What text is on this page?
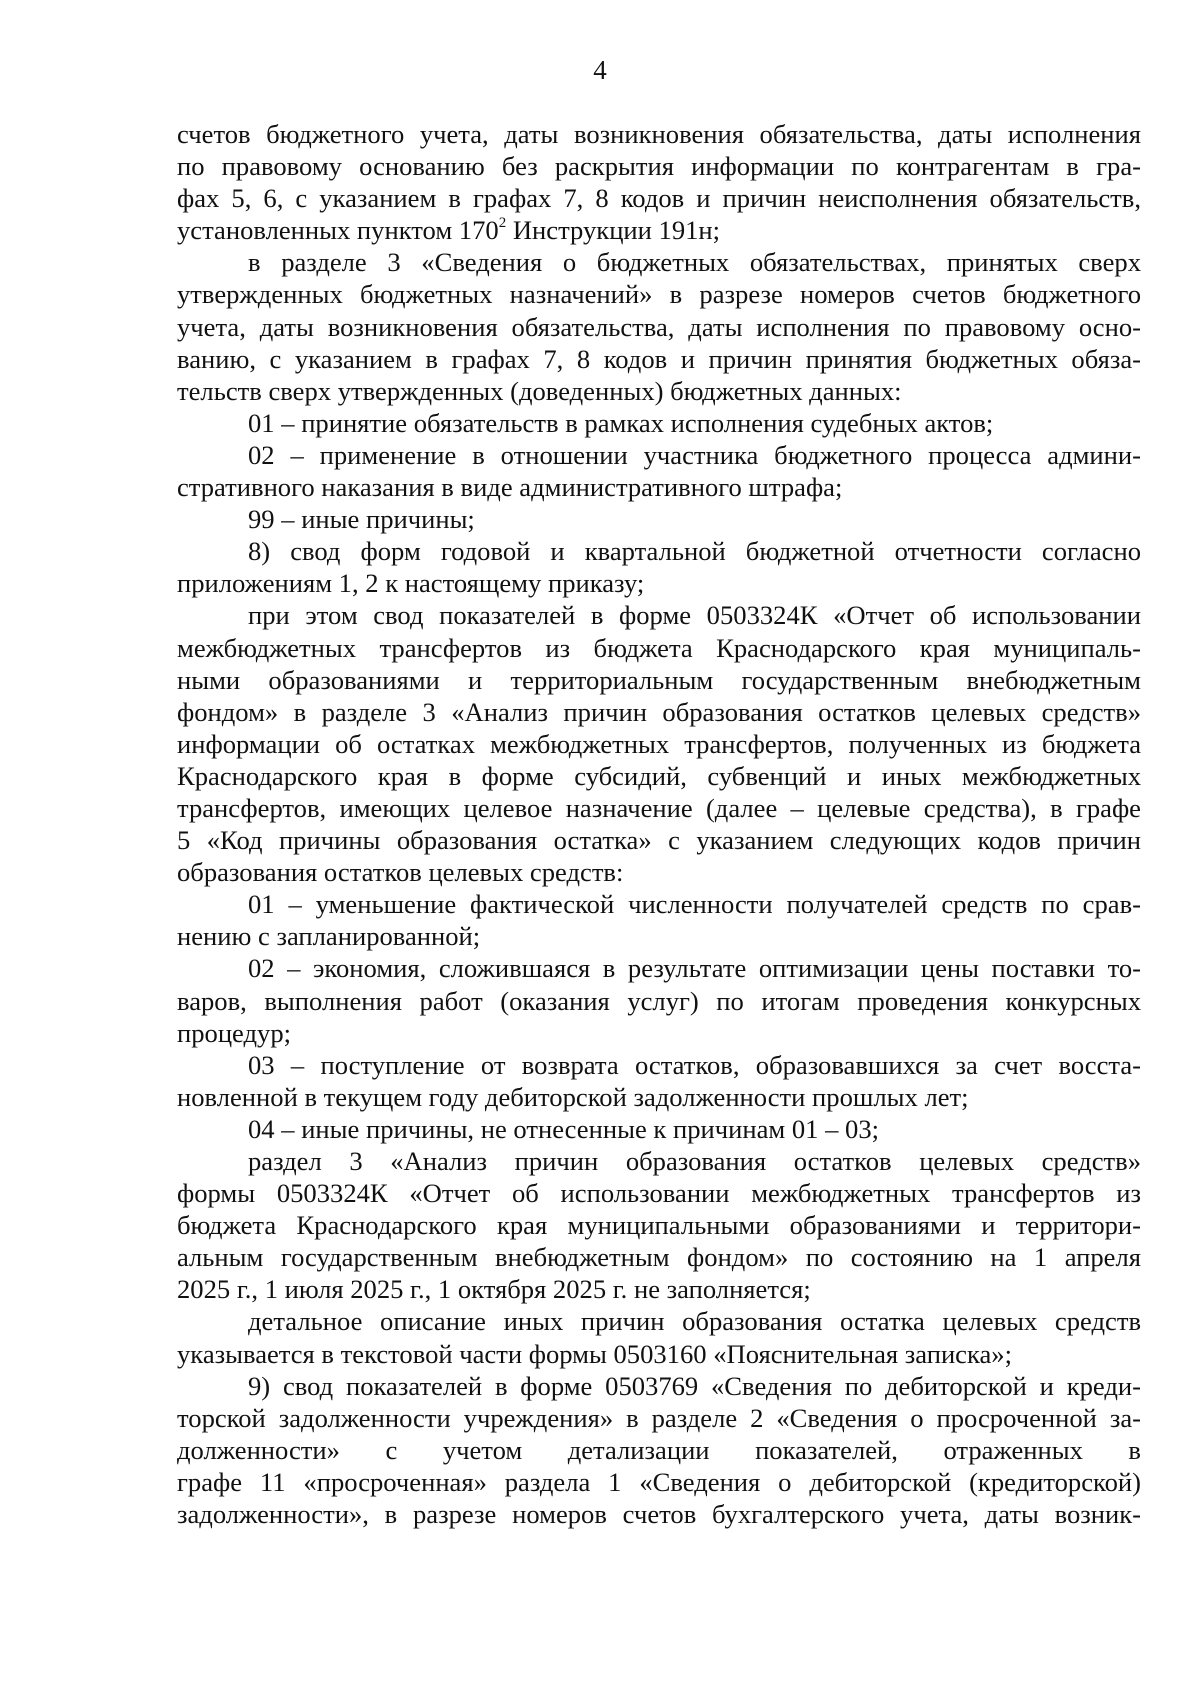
4
счетов бюджетного учета, даты возникновения обязательства, даты исполнения
по правовому основанию без раскрытия информации по контрагентам в гра-
фах 5, 6, с указанием в графах 7, 8 кодов и причин неисполнения обязательств,
установленных пунктом $170^2$ Инструкции 191н;
в разделе 3 «Сведения о бюджетных обязательствах, принятых сверх
утвержденных бюджетных назначений» в разрезе номеров счетов бюджетного
учета, даты возникновения обязательства, даты исполнения по правовому осно-
ванию, с указанием в графах 7, 8 кодов и причин принятия бюджетных обяза-
тельств сверх утвержденных (доведенных) бюджетных данных:
01 – принятие обязательств в рамках исполнения судебных актов;
02 – применение в отношении участника бюджетного процесса админи-
стративного наказания в виде административного штрафа;
99 – иные причины;
8) свод форм годовой и квартальной бюджетной отчетности согласно
приложениям 1, 2 к настоящему приказу;
при этом свод показателей в форме 0503324К «Отчет об использовании
межбюджетных трансфертов из бюджета Краснодарского края муниципаль-
ными образованиями и территориальным государственным внебюджетным
фондом» в разделе 3 «Анализ причин образования остатков целевых средств»
информации об остатках межбюджетных трансфертов, полученных из бюджета
Краснодарского края в форме субсидий, субвенций и иных межбюджетных
трансфертов, имеющих целевое назначение (далее – целевые средства), в графе
5 «Код причины образования остатка» с указанием следующих кодов причин
образования остатков целевых средств:
01 – уменьшение фактической численности получателей средств по срав-
нению с запланированной;
02 – экономия, сложившаяся в результате оптимизации цены поставки то-
варов, выполнения работ (оказания услуг) по итогам проведения конкурсных
процедур;
03 – поступление от возврата остатков, образовавшихся за счет восста-
новленной в текущем году дебиторской задолженности прошлых лет;
04 – иные причины, не отнесенные к причинам 01 – 03;
раздел 3 «Анализ причин образования остатков целевых средств»
формы 0503324К «Отчет об использовании межбюджетных трансфертов из
бюджета Краснодарского края муниципальными образованиями и территори-
альным государственным внебюджетным фондом» по состоянию на 1 апреля
2025 г., 1 июля 2025 г., 1 октября 2025 г. не заполняется;
детальное описание иных причин образования остатка целевых средств
указывается в текстовой части формы 0503160 «Пояснительная записка»;
9) свод показателей в форме 0503769 «Сведения по дебиторской и креди-
торской задолженности учреждения» в разделе 2 «Сведения о просроченной за-
долженности» с учетом детализации показателей, отраженных в
графе 11 «просроченная» раздела 1 «Сведения о дебиторской (кредиторской)
задолженности», в разрезе номеров счетов бухгалтерского учета, даты возник-
